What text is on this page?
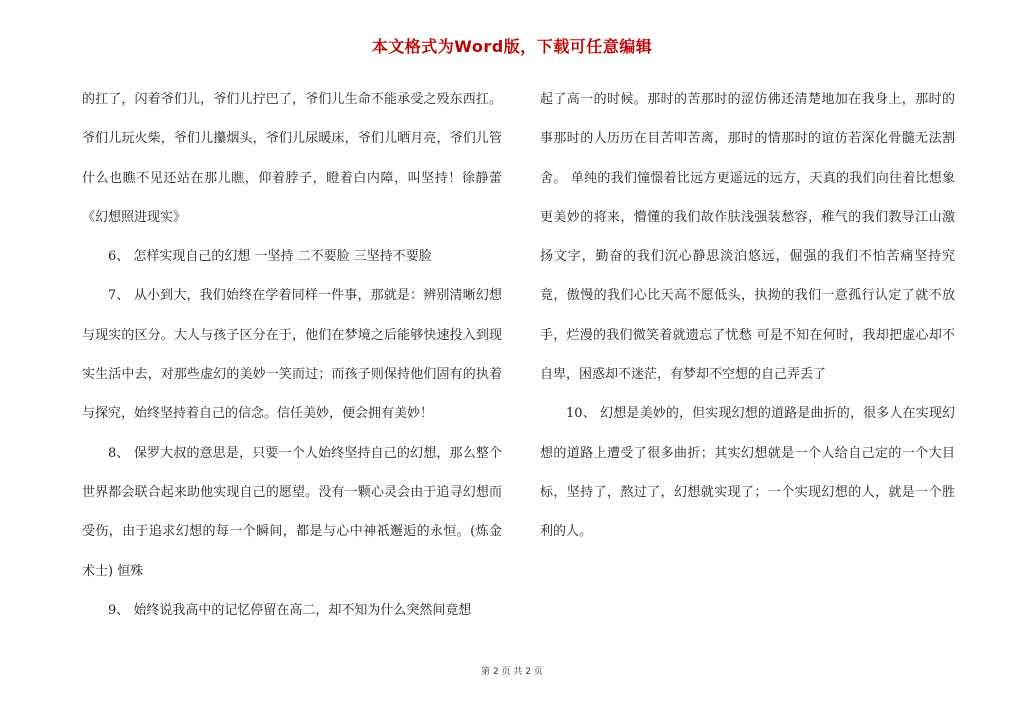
本文格式为Word版，下载可任意编辑

的扛了，闪着爷们儿，爷们儿拧巴了，爷们儿生命不能承受之殁东西扛。爷们儿玩火柴，爷们儿攥烟头，爷们儿尿暖床，爷们儿晒月亮，爷们儿管什么也瞧不见还站在那儿瞧，仰着脖子，瞪着白内障，叫坚持！徐静蕾 《幻想照进现实》

6、 怎样实现自己的幻想 一坚持 二不要脸 三坚持不要脸

7、 从小到大，我们始终在学着同样一件事，那就是：辨别清晰幻想与现实的区分。大人与孩子区分在于，他们在梦境之后能够快速投入到现实生活中去，对那些虚幻的美妙一笑而过；而孩子则保持他们固有的执着与探究，始终坚持着自己的信念。信任美妙，便会拥有美妙！

8、 保罗大叔的意思是，只要一个人始终坚持自己的幻想，那么整个世界都会联合起来助他实现自己的愿望。没有一颗心灵会由于追寻幻想而受伤，由于追求幻想的每一个瞬间，都是与心中神祇邂逅的永恒。(炼金术士) 恒殊

9、 始终说我高中的记忆停留在高二，却不知为什么突然间竟想

起了高一的时候。那时的苦那时的涩仿佛还清楚地加在我身上，那时的事那时的人历历在目苦叩苦离，那时的情那时的谊仿若深化骨髓无法割舍。 单纯的我们憧憬着比远方更遥远的远方，天真的我们向往着比想象更美妙的将来，懵懂的我们故作肤浅强装愁容，稚气的我们教导江山激扬文字，勤奋的我们沉心静思淡泊悠远，倔强的我们不怕苦痛坚持究竟，傲慢的我们心比天高不愿低头，执拗的我们一意孤行认定了就不放手，烂漫的我们微笑着就遗忘了忧愁 可是不知在何时，我却把虚心却不自卑，困惑却不迷茫，有梦却不空想的自己弄丢了

10、 幻想是美妙的，但实现幻想的道路是曲折的，很多人在实现幻想的道路上遭受了很多曲折；其实幻想就是一个人给自己定的一个大目标，坚持了，熬过了，幻想就实现了；一个实现幻想的人，就是一个胜利的人。

第 2 页 共 2 页
